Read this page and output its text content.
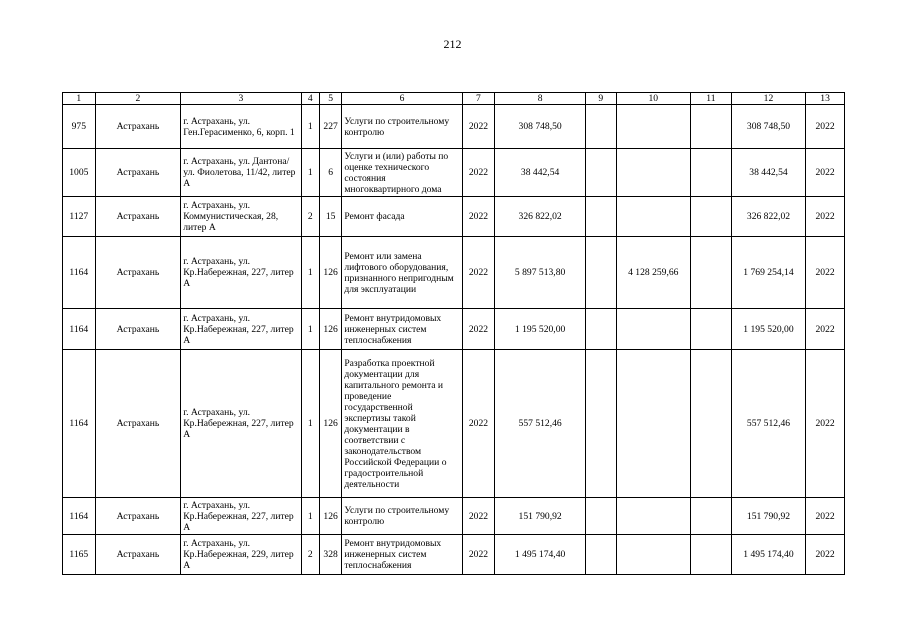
212
1	2	3	4	5	6	7	8	9	10	11	12	13
975	Астрахань	г. Астрахань, ул. Ген.Герасименко, 6, корп. 1	1	227	Услуги по строительному контролю	2022	308 748,50				308 748,50	2022
1005	Астрахань	г. Астрахань, ул. Дантона/ ул. Фиолетова, 11/42, литер А	1	6	Услуги и (или) работы по оценке технического состояния многоквартирного дома	2022	38 442,54				38 442,54	2022
1127	Астрахань	г. Астрахань, ул. Коммунистическая, 28, литер А	2	15	Ремонт фасада	2022	326 822,02				326 822,02	2022
1164	Астрахань	г. Астрахань, ул. Кр.Набережная, 227, литер А	1	126	Ремонт или замена лифтового оборудования, признанного непригодным для эксплуатации	2022	5 897 513,80		4 128 259,66		1 769 254,14	2022
1164	Астрахань	г. Астрахань, ул. Кр.Набережная, 227, литер А	1	126	Ремонт внутридомовых инженерных систем теплоснабжения	2022	1 195 520,00				1 195 520,00	2022
1164	Астрахань	г. Астрахань, ул. Кр.Набережная, 227, литер А	1	126	Разработка проектной документации для капитального ремонта и проведение государственной экспертизы такой документации в соответствии с законодательством Российской Федерации о градостроительной деятельности	2022	557 512,46				557 512,46	2022
1164	Астрахань	г. Астрахань, ул. Кр.Набережная, 227, литер А	1	126	Услуги по строительному контролю	2022	151 790,92				151 790,92	2022
1165	Астрахань	г. Астрахань, ул. Кр.Набережная, 229, литер А	2	328	Ремонт внутридомовых инженерных систем теплоснабжения	2022	1 495 174,40				1 495 174,40	2022
